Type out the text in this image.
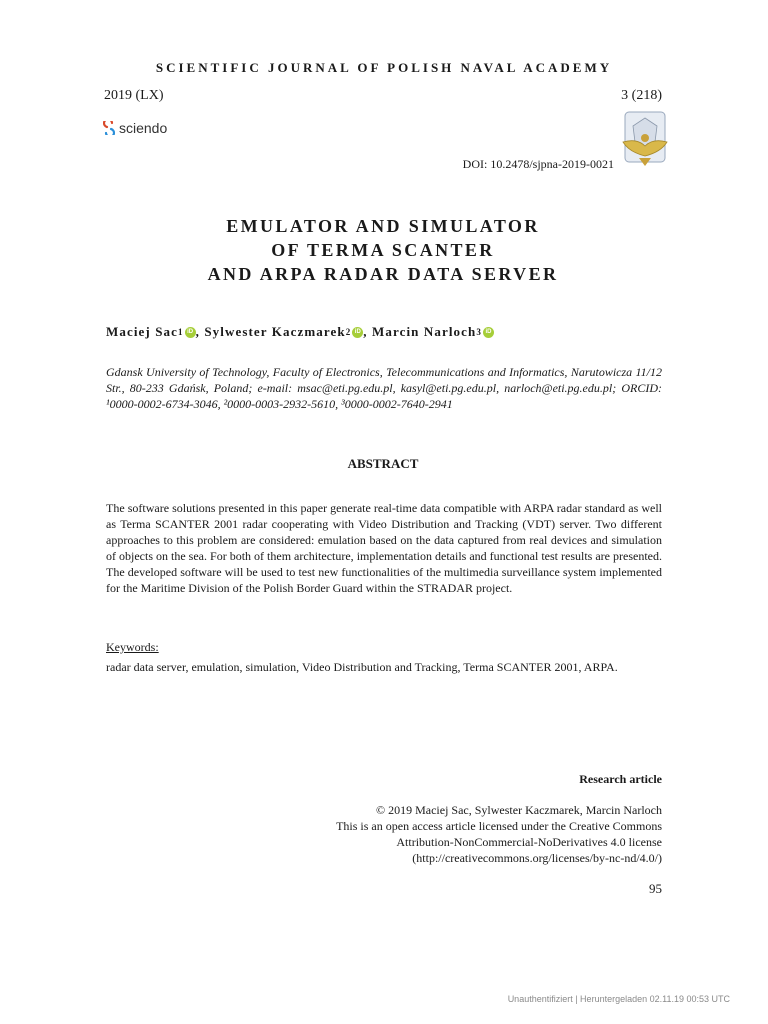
SCIENTIFIC JOURNAL OF POLISH NAVAL ACADEMY
2019 (LX)	3 (218)
sciendo
DOI: 10.2478/sjpna-2019-0021
EMULATOR AND SIMULATOR
OF TERMA SCANTER
AND ARPA RADAR DATA SERVER
Maciej Sac 1 iD , Sylwester Kaczmarek 2 iD , Marcin Narloch 3 iD
Gdansk University of Technology, Faculty of Electronics, Telecommunications and Informatics, Narutowicza 11/12 Str., 80-233 Gdańsk, Poland; e-mail: msac@eti.pg.edu.pl, kasyl@eti.pg.edu.pl, narloch@eti.pg.edu.pl; ORCID: ¹0000-0002-6734-3046, ²0000-0003-2932-5610, ³0000-0002-7640-2941
ABSTRACT
The software solutions presented in this paper generate real-time data compatible with ARPA radar standard as well as Terma SCANTER 2001 radar cooperating with Video Distribution and Tracking (VDT) server. Two different approaches to this problem are considered: emulation based on the data captured from real devices and simulation of objects on the sea. For both of them architecture, implementation details and functional test results are presented. The developed software will be used to test new functionalities of the multimedia surveillance system implemented for the Maritime Division of the Polish Border Guard within the STRADAR project.
Keywords:
radar data server, emulation, simulation, Video Distribution and Tracking, Terma SCANTER 2001, ARPA.
Research article
© 2019 Maciej Sac, Sylwester Kaczmarek, Marcin Narloch
This is an open access article licensed under the Creative Commons
Attribution-NonCommercial-NoDerivatives 4.0 license
(http://creativecommons.org/licenses/by-nc-nd/4.0/)
95
Unauthentifiziert | Heruntergeladen 02.11.19 00:53 UTC
